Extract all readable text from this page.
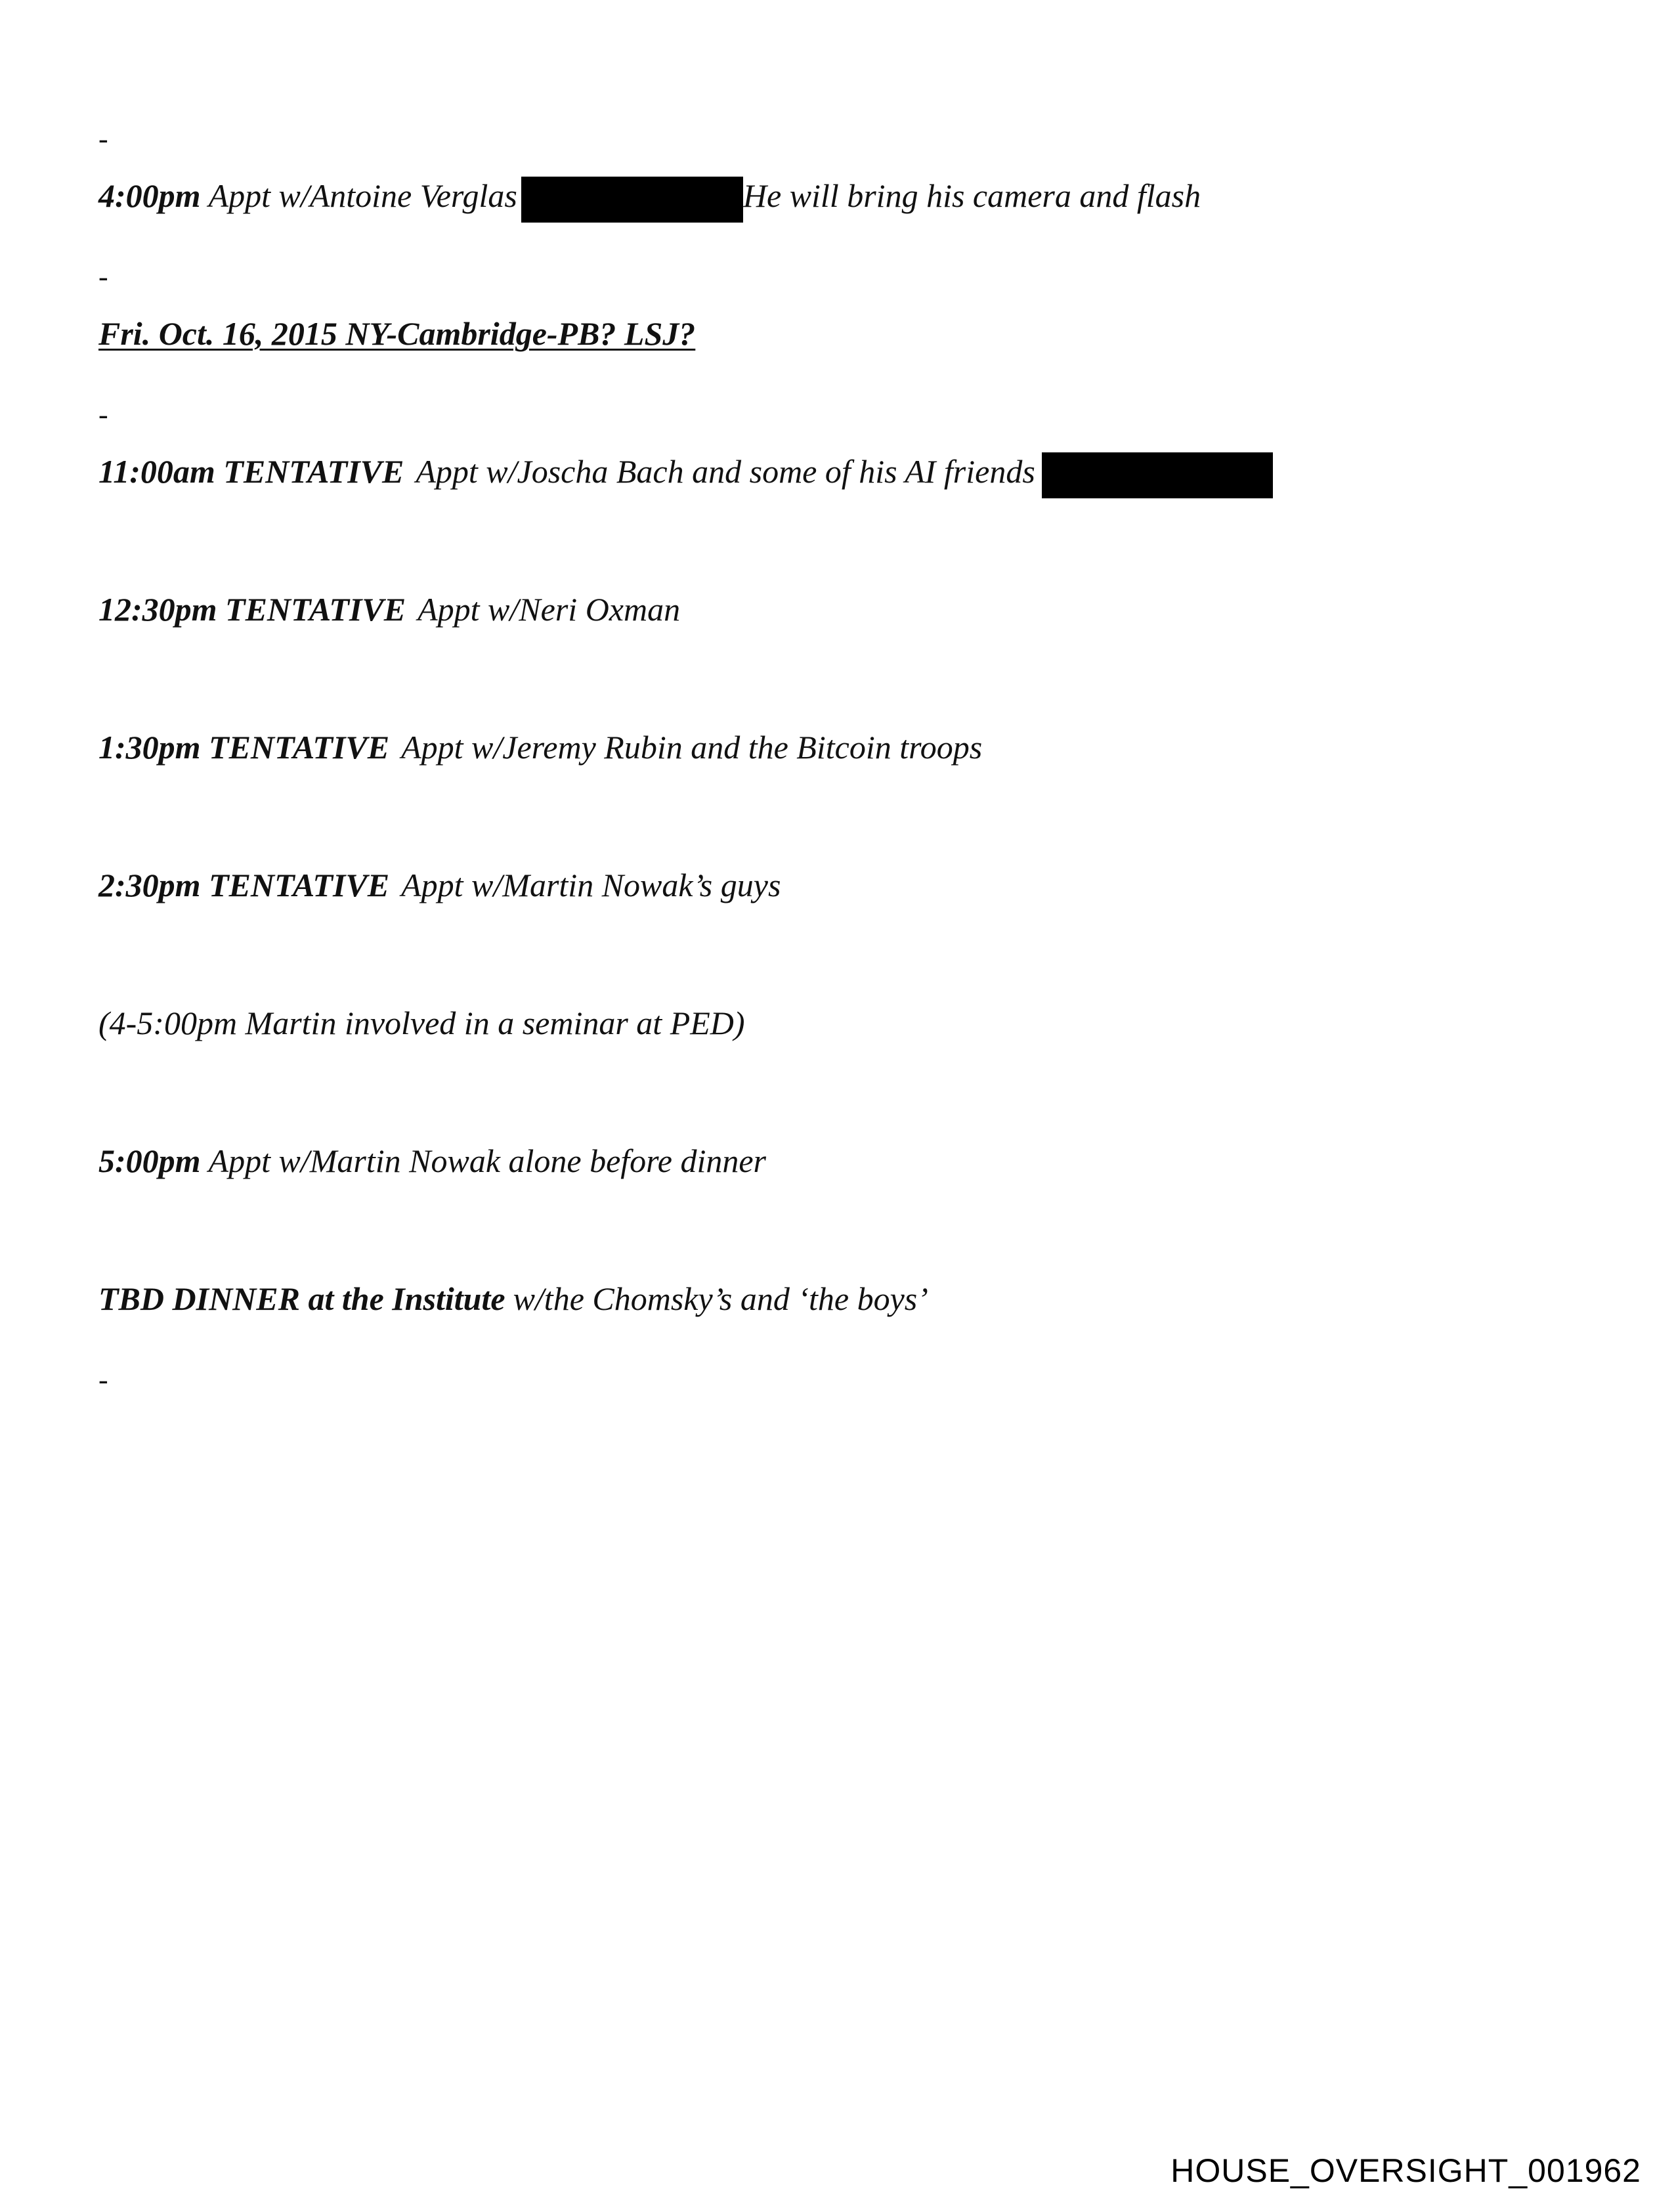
-
4:00pm Appt w/Antoine Verglas	He will bring his camera and flash
-
Fri. Oct. 16, 2015 NY-Cambridge-PB? LSJ?
-
11:00am TENTATIVE Appt w/Joscha Bach and some of his AI friends
12:30pm TENTATIVE Appt w/Neri Oxman
1:30pm TENTATIVE Appt w/Jeremy Rubin and the Bitcoin troops
2:30pm TENTATIVE Appt w/Martin Nowak’s guys
(4-5:00pm Martin involved in a seminar at PED)
5:00pm Appt w/Martin Nowak alone before dinner
TBD DINNER at the Institute w/the Chomsky’s and ‘the boys’
-
HOUSE_OVERSIGHT_001962
